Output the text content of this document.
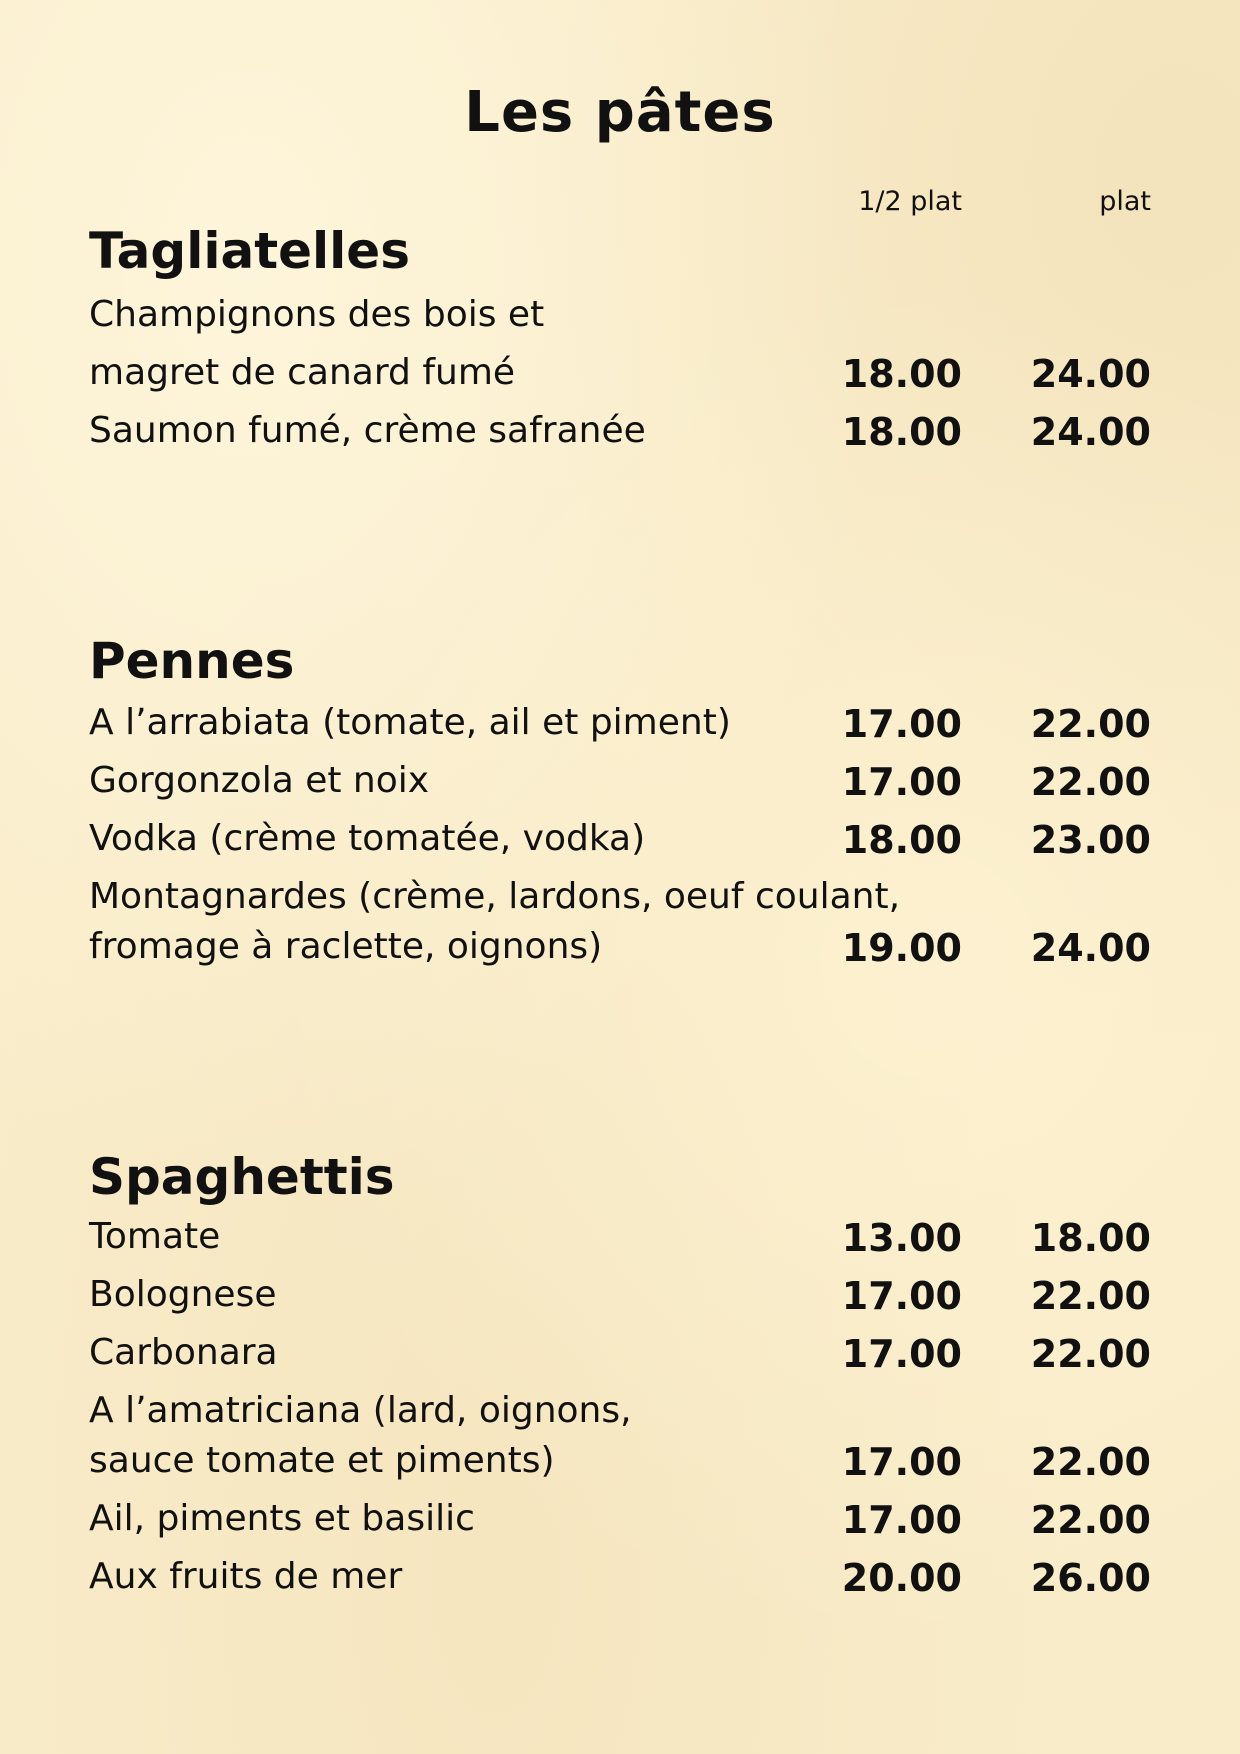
Les pâtes
1/2 plat	plat
Tagliatelles
Champignons des bois et
magret de canard fumé	18.00	24.00
Saumon fumé, crème safranée	18.00	24.00
Pennes
A l’arrabiata (tomate, ail et piment)	17.00	22.00
Gorgonzola et noix	17.00	22.00
Vodka (crème tomatée, vodka)	18.00	23.00
Montagnardes (crème, lardons, oeuf coulant,
fromage à raclette, oignons)	19.00	24.00
Spaghettis
Tomate	13.00	18.00
Bolognese	17.00	22.00
Carbonara	17.00	22.00
A l’amatriciana (lard, oignons,
sauce tomate et piments)	17.00	22.00
Ail, piments et basilic	17.00	22.00
Aux fruits de mer	20.00	26.00
